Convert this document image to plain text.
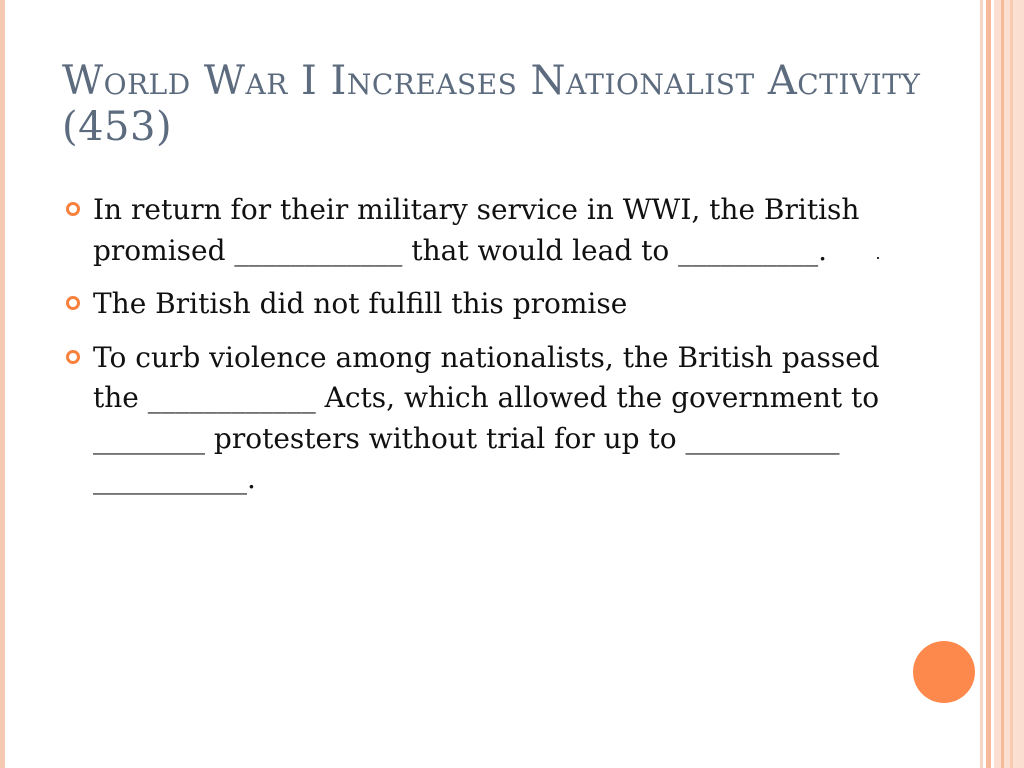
World War I Increases Nationalist Activity (453)
In return for their military service in WWI, the British promised ____________ that would lead to __________.
The British did not fulfill this promise
To curb violence among nationalists, the British passed the ____________ Acts, which allowed the government to ________ protesters without trial for up to ___________ ___________.
